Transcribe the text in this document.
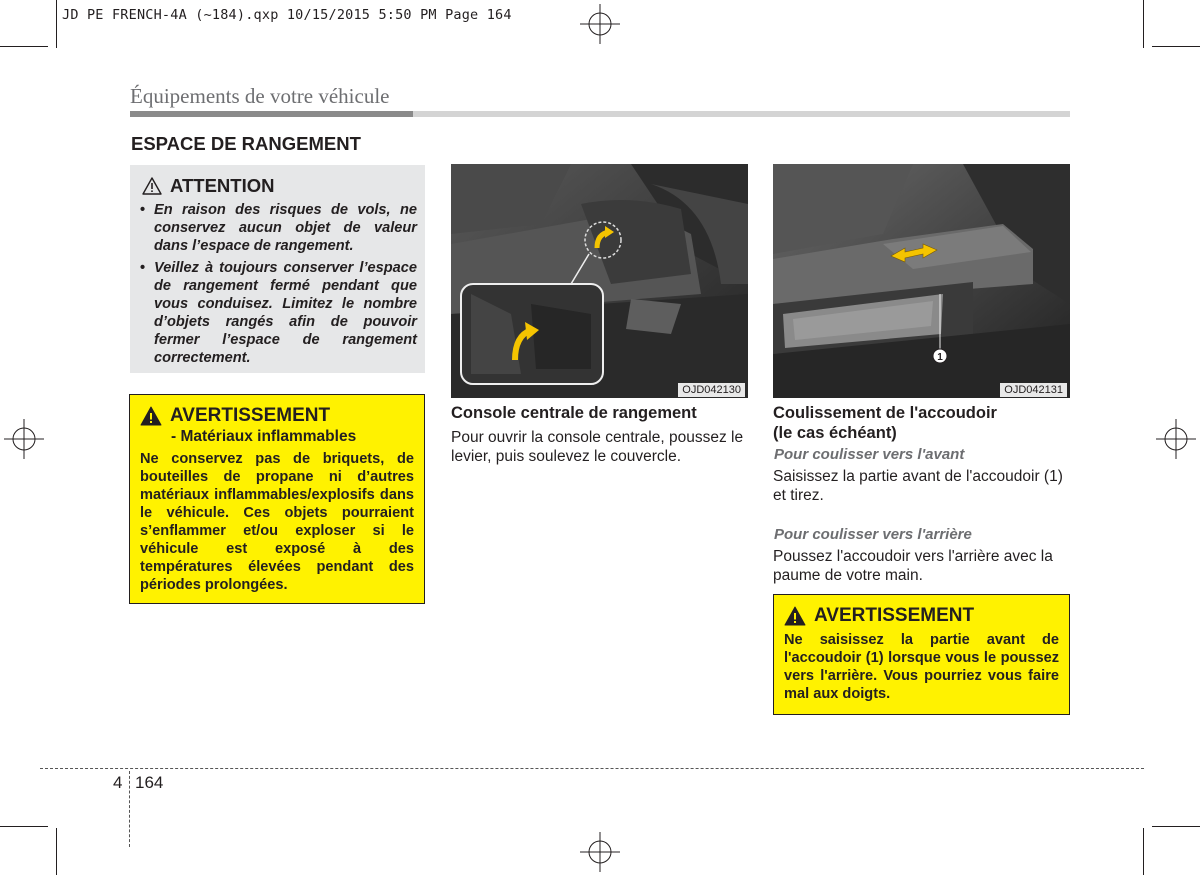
JD PE FRENCH-4A (~184).qxp 10/15/2015 5:50 PM Page 164
Équipements de votre véhicule
ESPACE DE RANGEMENT
ATTENTION
• En raison des risques de vols, ne conservez aucun objet de valeur dans l’espace de rangement.
• Veillez à toujours conserver l’espace de rangement fermé pendant que vous conduisez. Limitez le nombre d’objets rangés afin de pouvoir fermer l’espace de rangement correctement.
AVERTISSEMENT
- Matériaux inflammables
Ne conservez pas de briquets, de bouteilles de propane ni d’autres matériaux inflammables/explosifs dans le véhicule. Ces objets pourraient s’enflammer et/ou exploser si le véhicule est exposé à des températures élevées pendant des périodes prolongées.
OJD042130
Console centrale de rangement
Pour ouvrir la console centrale, poussez le levier, puis soulevez le couvercle.
1
OJD042131
Coulissement de l'accoudoir
(le cas échéant)
Pour coulisser vers l'avant
Saisissez la partie avant de l'accoudoir (1) et tirez.
Pour coulisser vers l'arrière
Poussez l'accoudoir vers l'arrière avec la paume de votre main.
AVERTISSEMENT
Ne saisissez la partie avant de l'accoudoir (1) lorsque vous le poussez vers l'arrière. Vous pourriez vous faire mal aux doigts.
4 164
